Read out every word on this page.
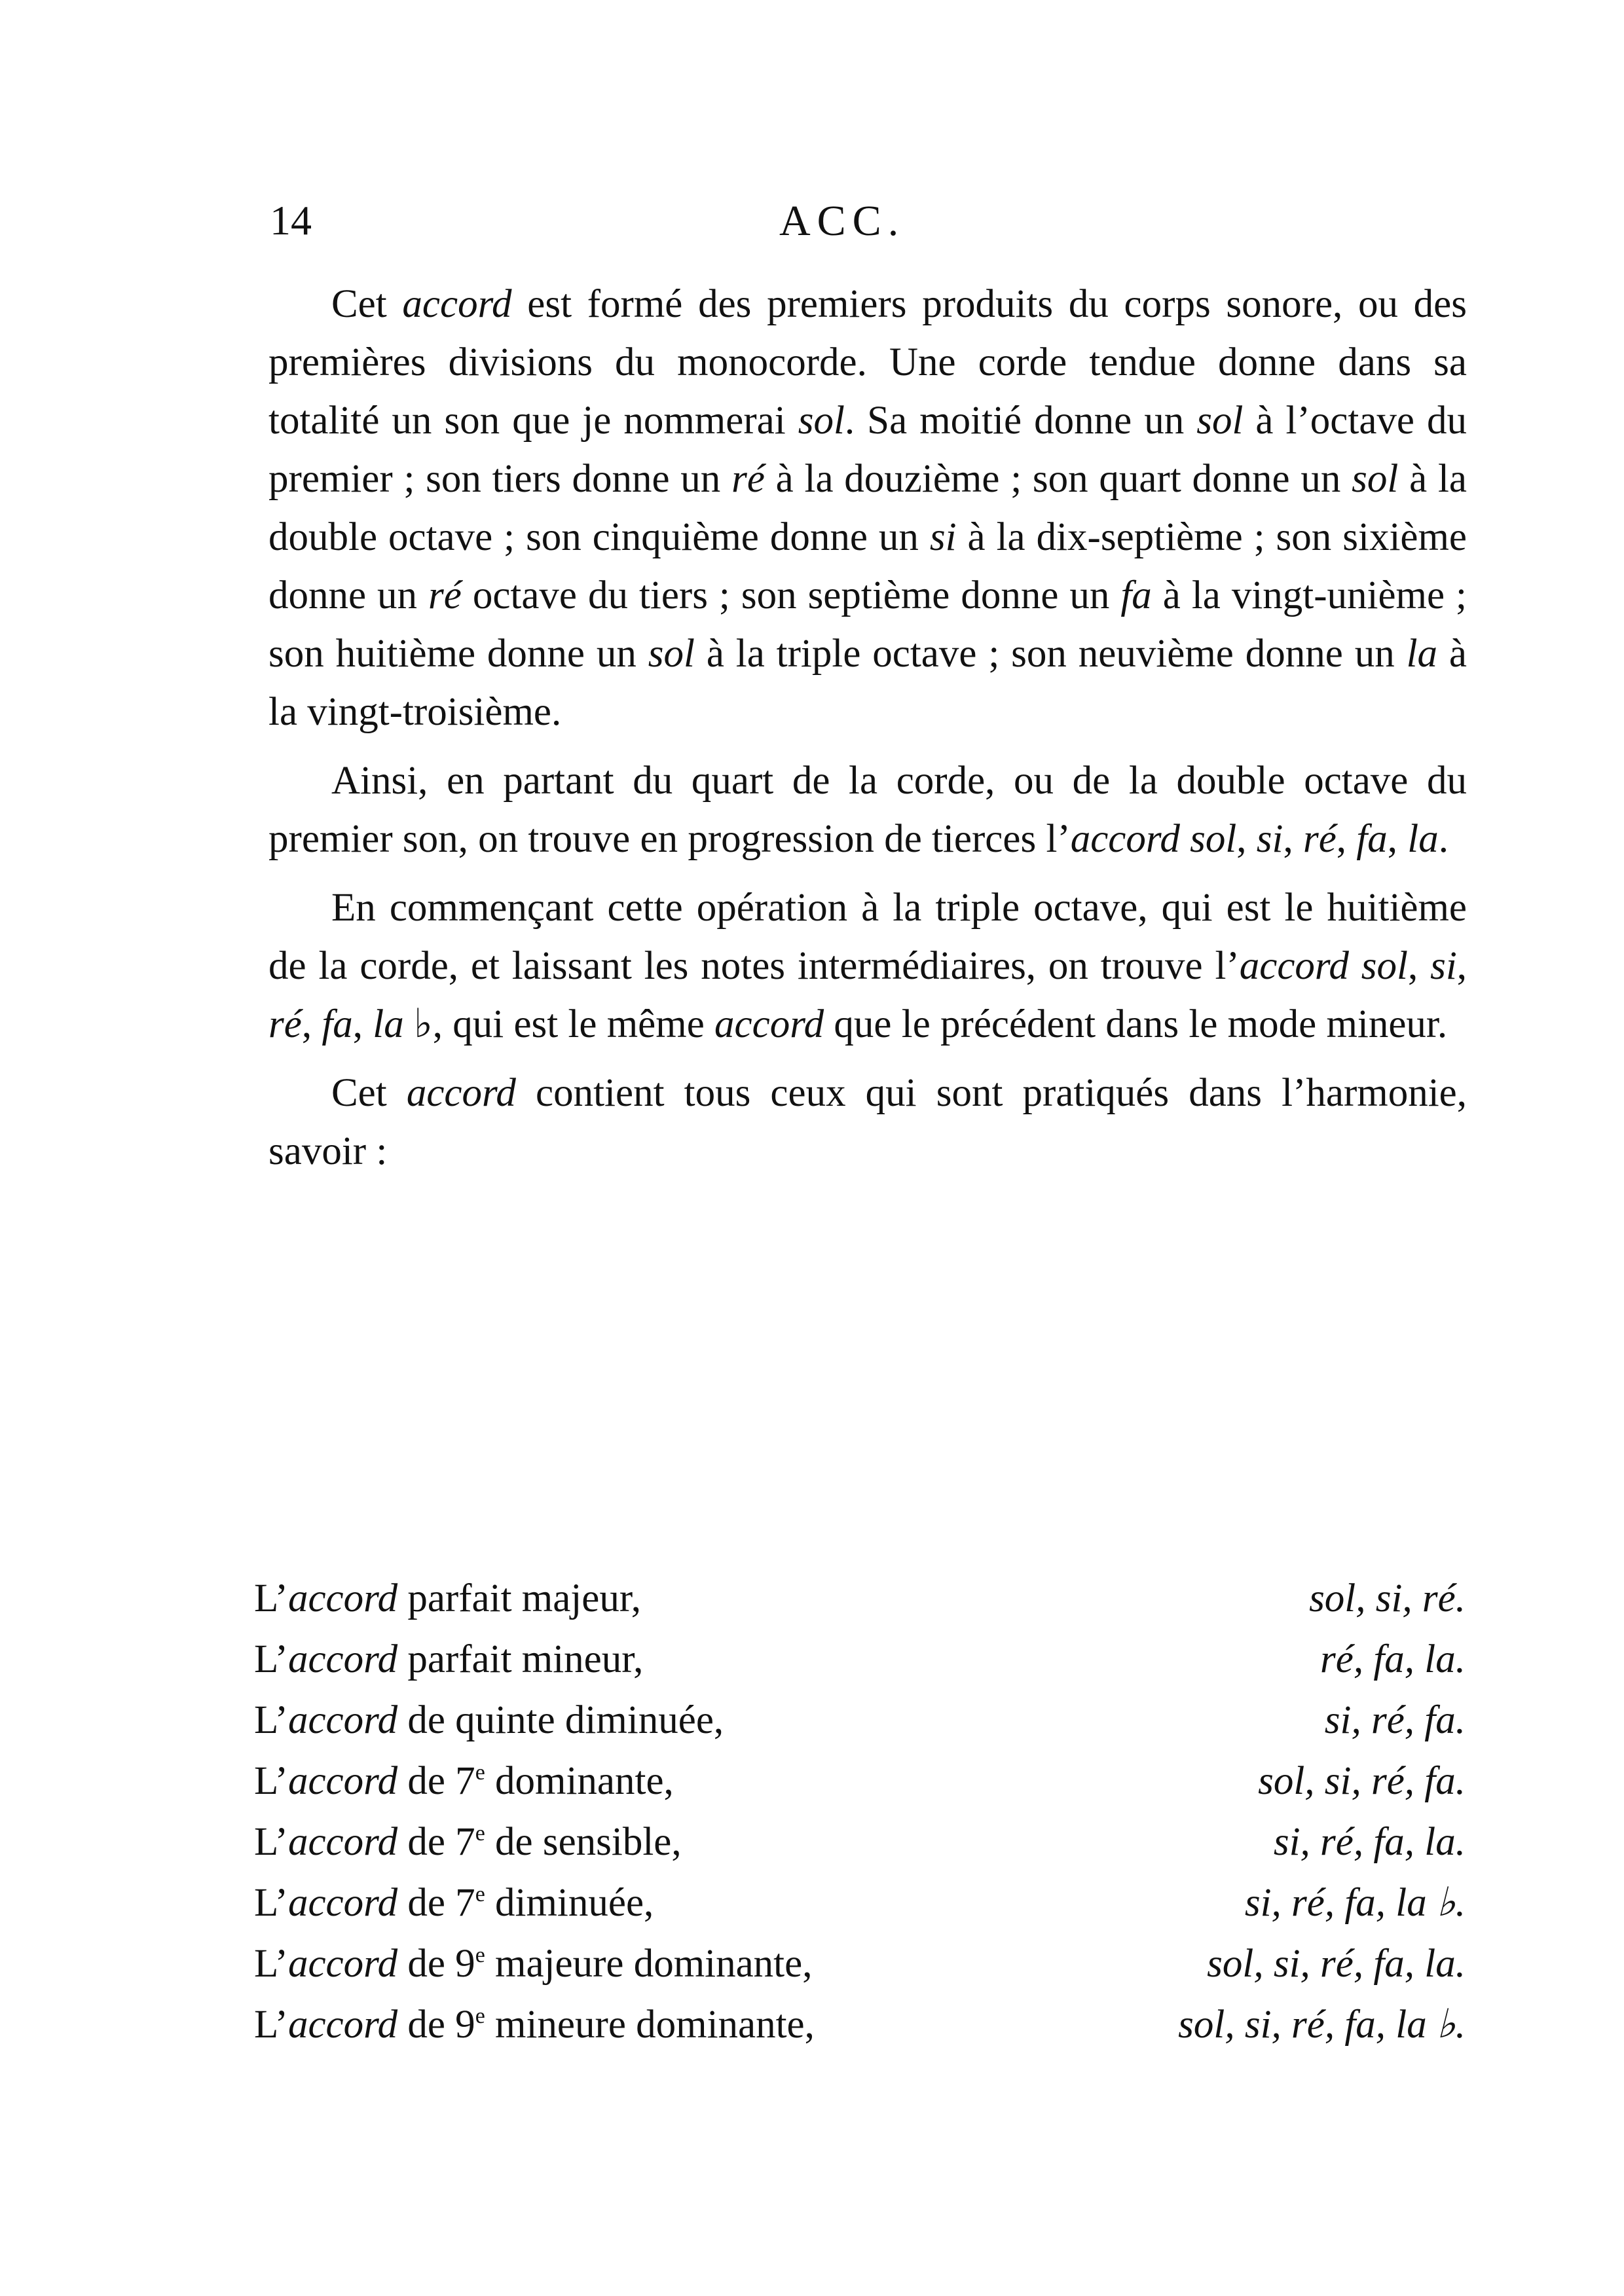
14	ACC.

Cet accord est formé des premiers produits du corps sonore, ou des premières divisions du monocorde. Une corde tendue donne dans sa totalité un son que je nommerai sol. Sa moitié donne un sol à l’octave du premier ; son tiers donne un ré à la douzième ; son quart donne un sol à la double octave ; son cinquième donne un si à la dix-septième ; son sixième donne un ré octave du tiers ; son septième donne un fa à la vingt-unième ; son huitième donne un sol à la triple octave ; son neuvième donne un la à la vingt-troisième.

Ainsi, en partant du quart de la corde, ou de la double octave du premier son, on trouve en progression de tierces l’accord sol, si, ré, fa, la.

En commençant cette opération à la triple octave, qui est le huitième de la corde, et laissant les notes intermédiaires, on trouve l’accord sol, si, ré, fa, la ♭, qui est le même accord que le précédent dans le mode mineur.

Cet accord contient tous ceux qui sont pratiqués dans l’harmonie, savoir :

L’accord parfait majeur,	sol, si, ré.
L’accord parfait mineur,	ré, fa, la.
L’accord de quinte diminuée,	si, ré, fa.
L’accord de 7e dominante,	sol, si, ré, fa.
L’accord de 7e de sensible,	si, ré, fa, la.
L’accord de 7e diminuée,	si, ré, fa, la ♭.
L’accord de 9e majeure dominante,	sol, si, ré, fa, la.
L’accord de 9e mineure dominante,	sol, si, ré, fa, la ♭.
